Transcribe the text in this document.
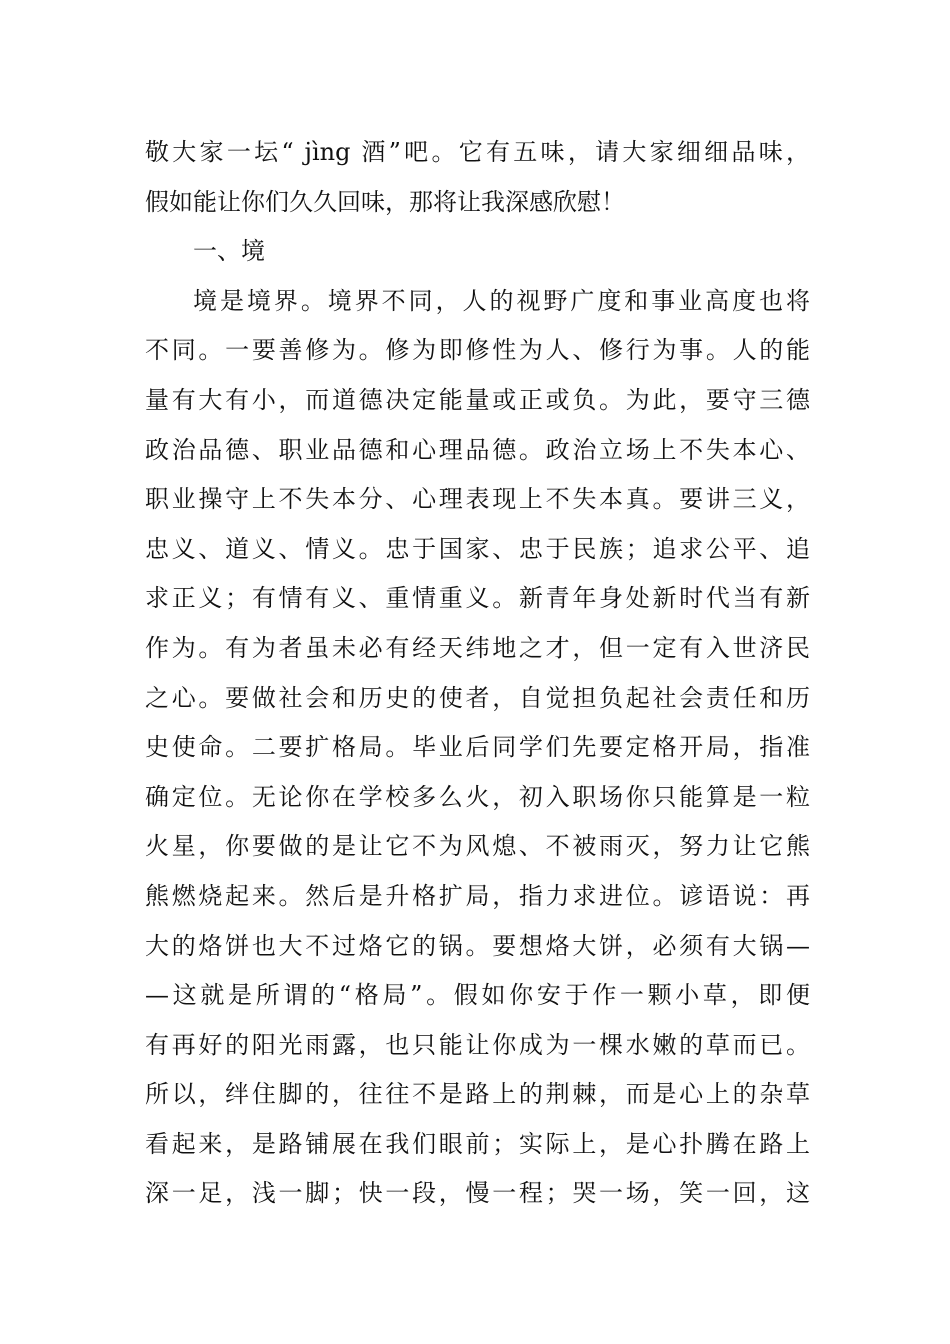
敬大家一坛“ jìng 酒”吧。它有五味，请大家细细品味，
假如能让你们久久回味，那将让我深感欣慰！
一、境
境是境界。境界不同，人的视野广度和事业高度也将
不同。一要善修为。修为即修性为人、修行为事。人的能
量有大有小，而道德决定能量或正或负。为此，要守三德
政治品德、职业品德和心理品德。政治立场上不失本心、
职业操守上不失本分、心理表现上不失本真。要讲三义，
忠义、道义、情义。忠于国家、忠于民族；追求公平、追
求正义；有情有义、重情重义。新青年身处新时代当有新
作为。有为者虽未必有经天纬地之才，但一定有入世济民
之心。要做社会和历史的使者，自觉担负起社会责任和历
史使命。二要扩格局。毕业后同学们先要定格开局，指准
确定位。无论你在学校多么火，初入职场你只能算是一粒
火星，你要做的是让它不为风熄、不被雨灭，努力让它熊
熊燃烧起来。然后是升格扩局，指力求进位。谚语说：再
大的烙饼也大不过烙它的锅。要想烙大饼，必须有大锅—
—这就是所谓的“格局”。假如你安于作一颗小草，即便
有再好的阳光雨露，也只能让你成为一棵水嫩的草而已。
所以，绊住脚的，往往不是路上的荆棘，而是心上的杂草
看起来，是路铺展在我们眼前；实际上，是心扑腾在路上
深一足，浅一脚；快一段，慢一程；哭一场，笑一回，这
